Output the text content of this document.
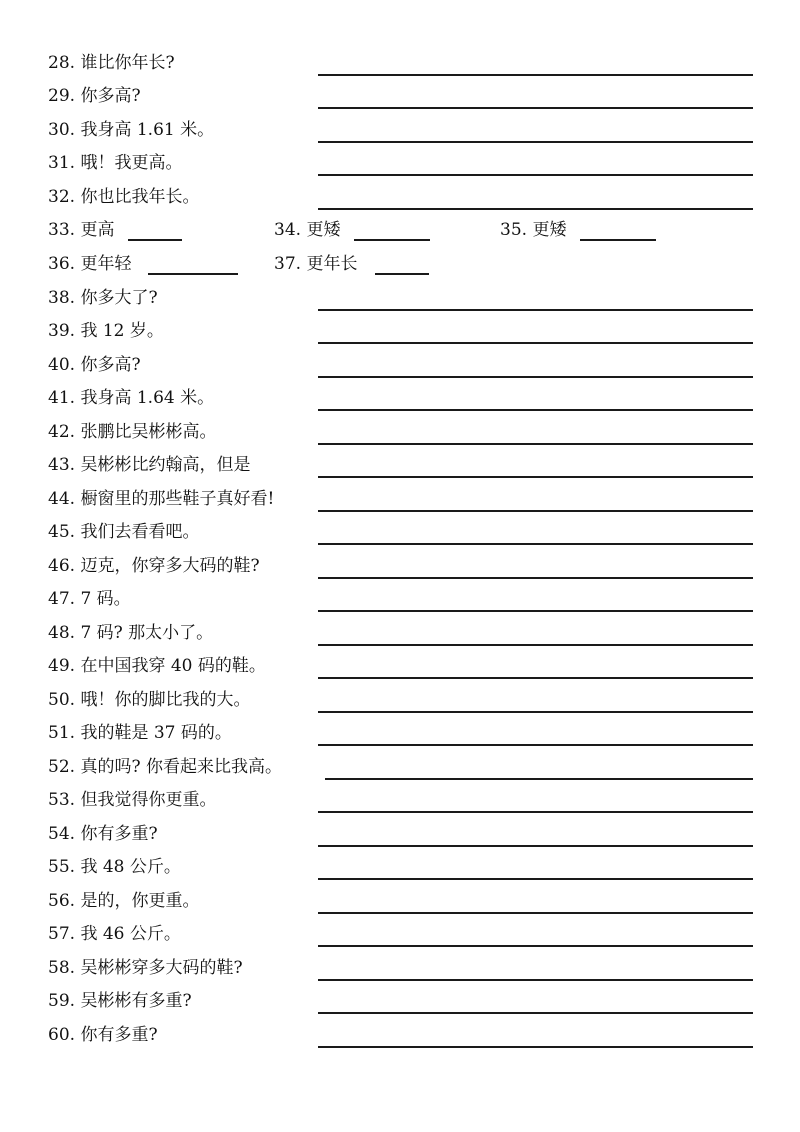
28. 谁比你年长?
29. 你多高?
30. 我身高 1.61 米。
31. 哦！我更高。
32. 你也比我年长。
33. 更高	34. 更矮	35. 更矮
36. 更年轻	37. 更年长
38. 你多大了?
39. 我 12 岁。
40. 你多高?
41. 我身高 1.64 米。
42. 张鹏比吴彬彬高。
43. 吴彬彬比约翰高，但是
44. 橱窗里的那些鞋子真好看!
45. 我们去看看吧。
46. 迈克，你穿多大码的鞋?
47. 7 码。
48. 7 码? 那太小了。
49. 在中国我穿 40 码的鞋。
50. 哦！你的脚比我的大。
51. 我的鞋是 37 码的。
52. 真的吗? 你看起来比我高。
53. 但我觉得你更重。
54. 你有多重?
55. 我 48 公斤。
56. 是的，你更重。
57. 我 46 公斤。
58. 吴彬彬穿多大码的鞋?
59. 吴彬彬有多重?
60. 你有多重?
